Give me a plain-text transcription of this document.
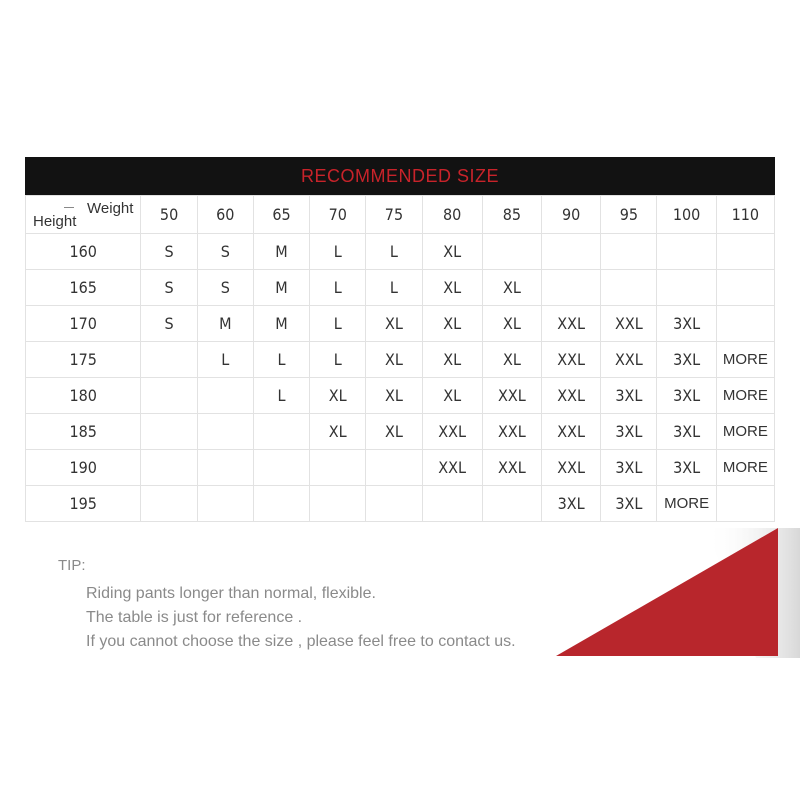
RECOMMENDED SIZE
Weight
Height	50	60	65	70	75	80	85	90	95	100	110
160	S	S	M	L	L	XL					
165	S	S	M	L	L	XL	XL				
170	S	M	M	L	XL	XL	XL	XXL	XXL	3XL	
175		L	L	L	XL	XL	XL	XXL	XXL	3XL	MORE
180			L	XL	XL	XL	XXL	XXL	3XL	3XL	MORE
185				XL	XL	XXL	XXL	XXL	3XL	3XL	MORE
190						XXL	XXL	XXL	3XL	3XL	MORE
195								3XL	3XL	MORE	
TIP:
Riding pants longer than normal, flexible.
The table is just for reference .
If you cannot choose the size , please feel free to contact us.
